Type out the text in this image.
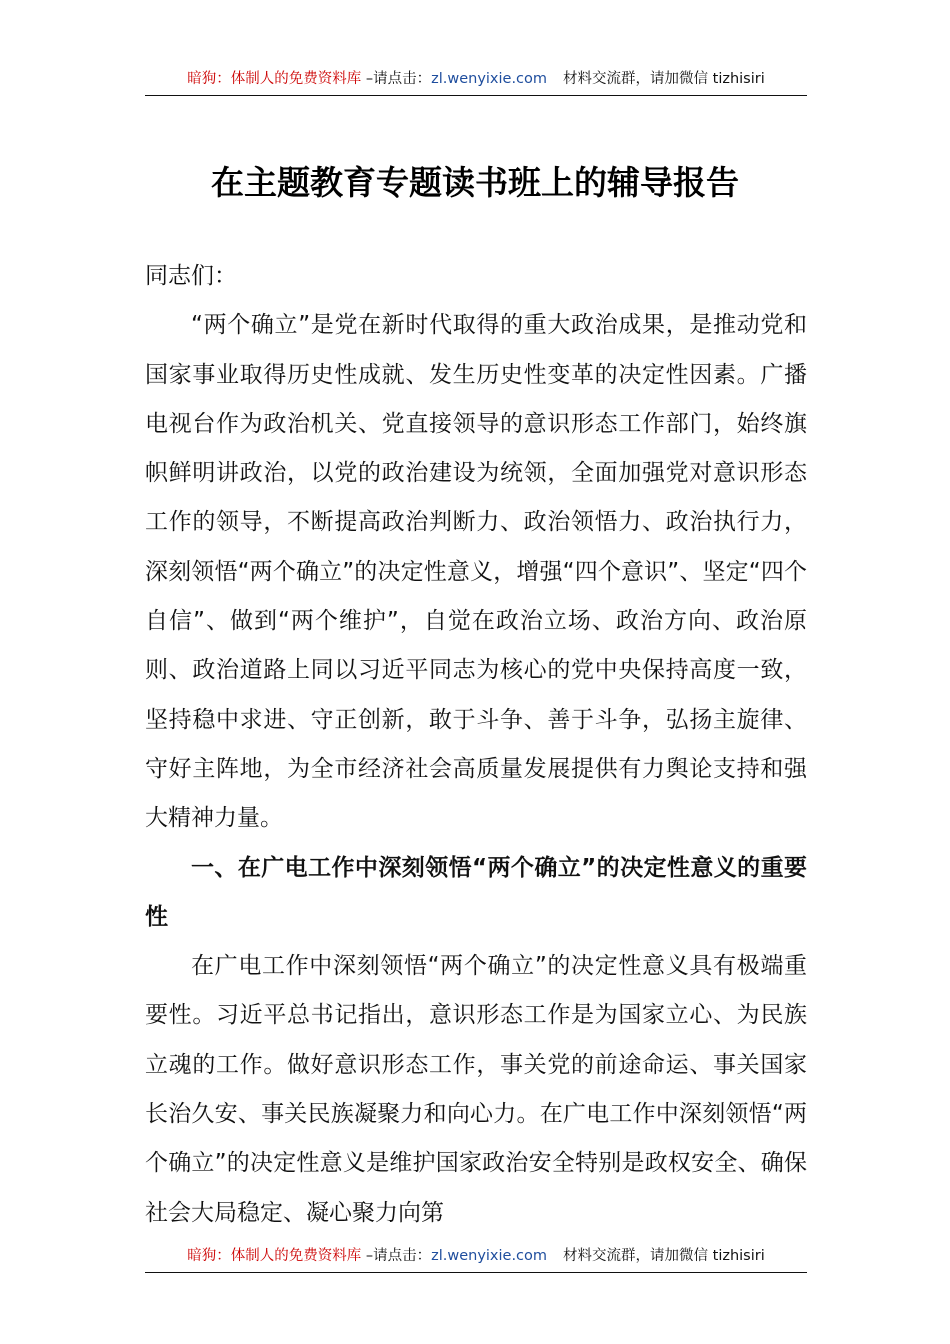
暗狗：体制人的免费资料库 –请点击：zl.wenyixie.com 材料交流群，请加微信 tizhisiri
在主题教育专题读书班上的辅导报告

同志们：

“两个确立”是党在新时代取得的重大政治成果，是推动党和国家事业取得历史性成就、发生历史性变革的决定性因素。广播电视台作为政治机关、党直接领导的意识形态工作部门，始终旗帜鲜明讲政治，以党的政治建设为统领，全面加强党对意识形态工作的领导，不断提高政治判断力、政治领悟力、政治执行力，深刻领悟“两个确立”的决定性意义，增强“四个意识”、坚定“四个自信”、做到“两个维护”，自觉在政治立场、政治方向、政治原则、政治道路上同以习近平同志为核心的党中央保持高度一致，坚持稳中求进、守正创新，敢于斗争、善于斗争，弘扬主旋律、守好主阵地，为全市经济社会高质量发展提供有力舆论支持和强大精神力量。

一、在广电工作中深刻领悟“两个确立”的决定性意义的重要性

在广电工作中深刻领悟“两个确立”的决定性意义具有极端重要性。习近平总书记指出，意识形态工作是为国家立心、为民族立魂的工作。做好意识形态工作，事关党的前途命运、事关国家长治久安、事关民族凝聚力和向心力。在广电工作中深刻领悟“两个确立”的决定性意义是维护国家政治安全特别是政权安全、确保社会大局稳定、凝心聚力向第

暗狗：体制人的免费资料库 –请点击：zl.wenyixie.com 材料交流群，请加微信 tizhisiri
